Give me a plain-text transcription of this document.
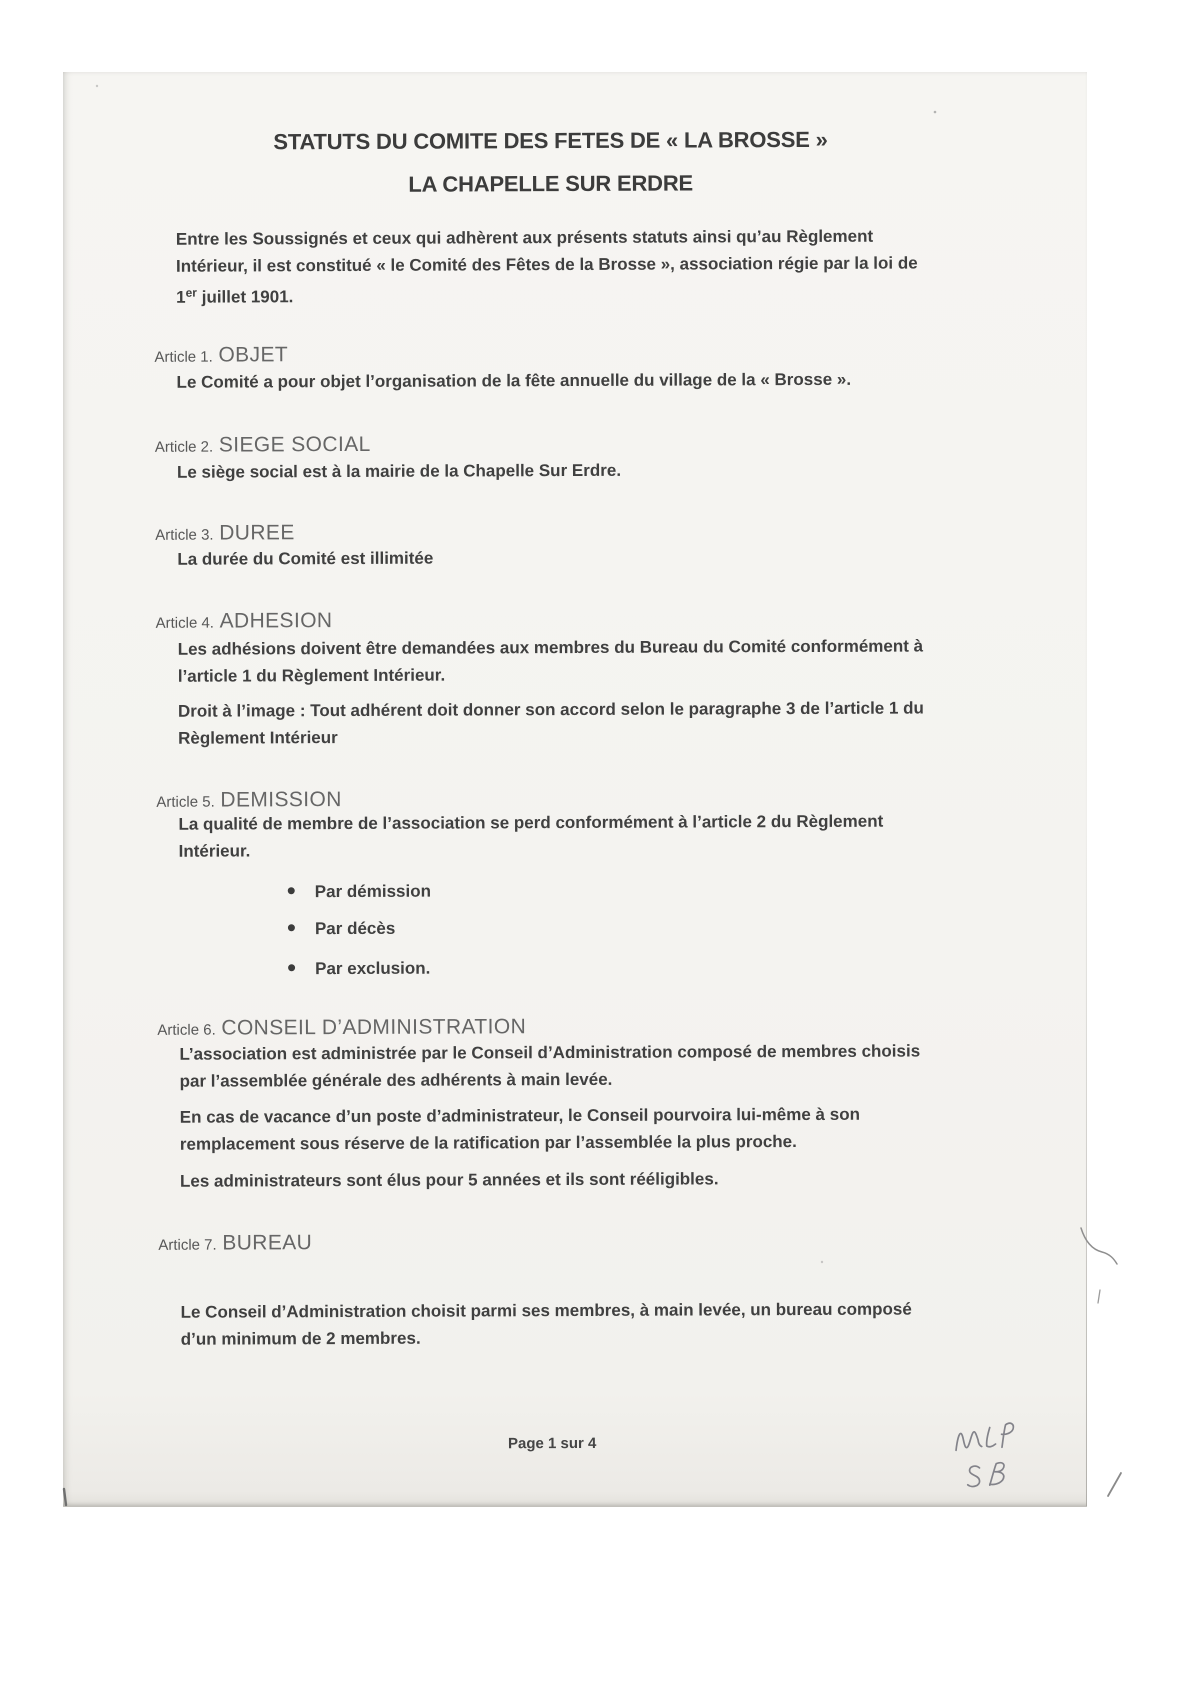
STATUTS DU COMITE DES FETES DE « LA BROSSE »
LA CHAPELLE SUR ERDRE
Entre les Soussignés et ceux qui adhèrent aux présents statuts ainsi qu’au Règlement
Intérieur, il est constitué « le Comité des Fêtes de la Brosse », association régie par la loi de
1er juillet 1901.
Article 1. OBJET
Le Comité a pour objet l’organisation de la fête annuelle du village de la « Brosse ».
Article 2. SIEGE SOCIAL
Le siège social est à la mairie de la Chapelle Sur Erdre.
Article 3. DUREE
La durée du Comité est illimitée
Article 4. ADHESION
Les adhésions doivent être demandées aux membres du Bureau du Comité conformément à
l’article 1 du Règlement Intérieur.
Droit à l’image : Tout adhérent doit donner son accord selon le paragraphe 3 de l’article 1 du
Règlement Intérieur
Article 5. DEMISSION
La qualité de membre de l’association se perd conformément à l’article 2 du Règlement
Intérieur.
Par démission
Par décès
Par exclusion.
Article 6. CONSEIL D’ADMINISTRATION
L’association est administrée par le Conseil d’Administration composé de membres choisis
par l’assemblée générale des adhérents à main levée.
En cas de vacance d’un poste d’administrateur, le Conseil pourvoira lui-même à son
remplacement sous réserve de la ratification par l’assemblée la plus proche.
Les administrateurs sont élus pour 5 années et ils sont rééligibles.
Article 7. BUREAU
Le Conseil d’Administration choisit parmi ses membres, à main levée, un bureau composé
d’un minimum de 2 membres.
Page 1 sur 4
